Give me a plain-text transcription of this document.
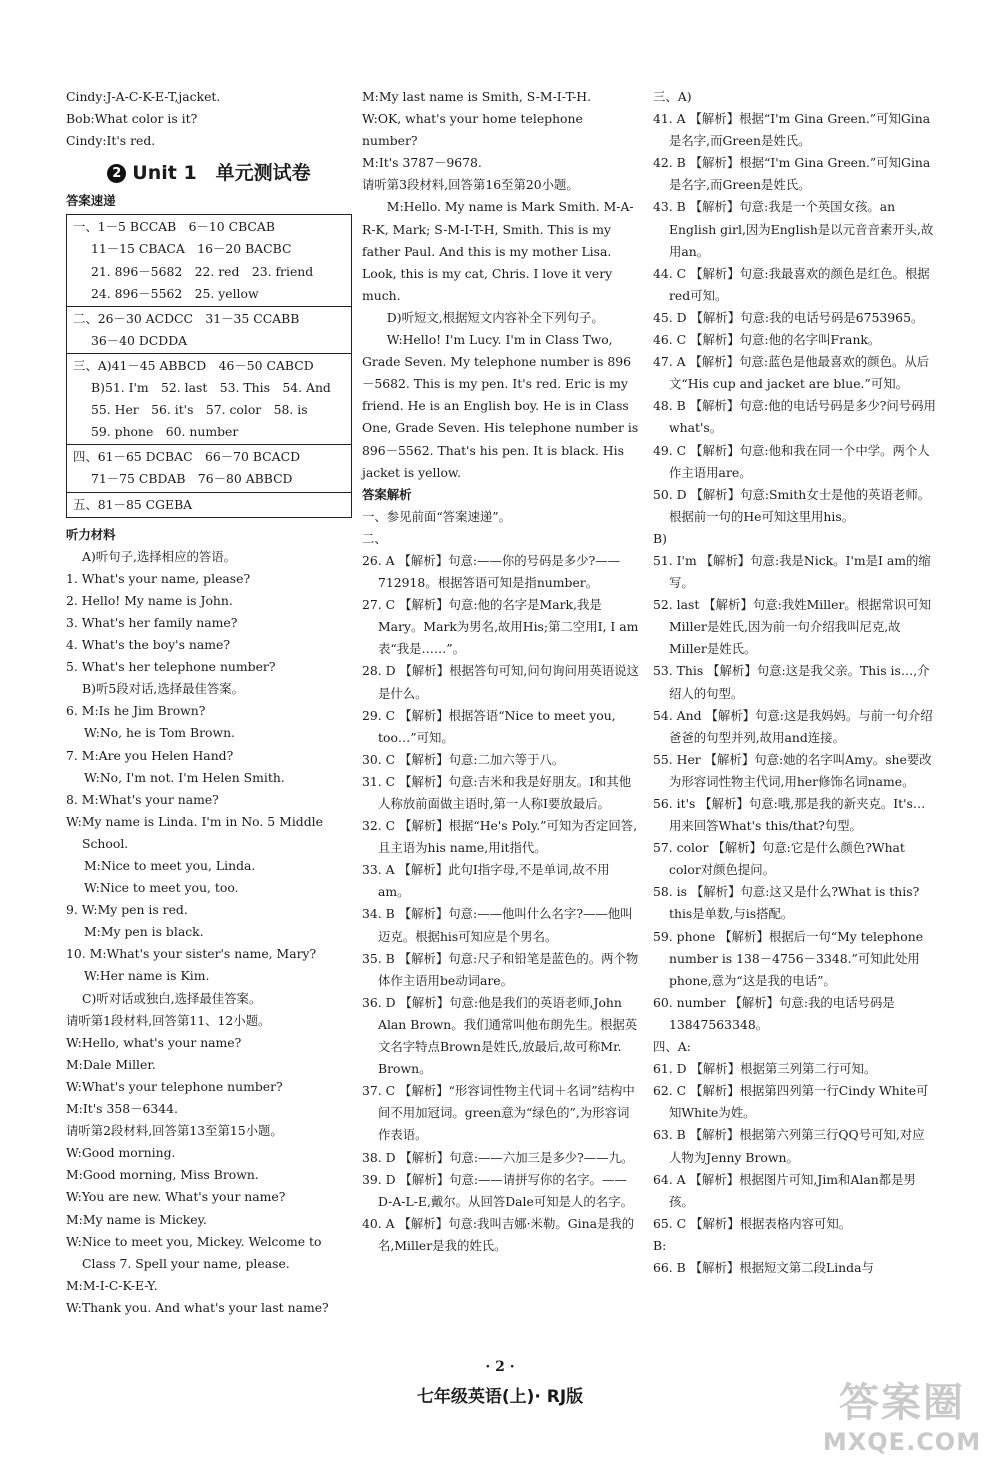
Cindy:J-A-C-K-E-T,jacket.

Bob:What color is it?

Cindy:It's red.

2 Unit 1　单元测试卷

答案速递

一、1－5 BCCAB　6－10 CBCAB

11－15 CBACA　16－20 BACBC

21. 896－5682　22. red　23. friend

24. 896－5562　25. yellow

二、26－30 ACDCC　31－35 CCABB

36－40 DCDDA

三、A)41－45 ABBCD　46－50 CABCD

B)51. I'm　52. last　53. This　54. And

55. Her　56. it's　57. color　58. is

59. phone　60. number

四、61－65 DCBAC　66－70 BCACD

71－75 CBDAB　76－80 ABBCD

五、81－85 CGEBA

听力材料

A)听句子,选择相应的答语。

1. What's your name, please?

2. Hello! My name is John.

3. What's her family name?

4. What's the boy's name?

5. What's her telephone number?

B)听5段对话,选择最佳答案。

6. M:Is he Jim Brown?

W:No, he is Tom Brown.

7. M:Are you Helen Hand?

W:No, I'm not. I'm Helen Smith.

8. M:What's your name?

W:My name is Linda. I'm in No. 5 Middle School.

M:Nice to meet you, Linda.

W:Nice to meet you, too.

9. W:My pen is red.

M:My pen is black.

10. M:What's your sister's name, Mary?

W:Her name is Kim.

C)听对话或独白,选择最佳答案。

请听第1段材料,回答第11、12小题。

W:Hello, what's your name?

M:Dale Miller.

W:What's your telephone number?

M:It's 358－6344.

请听第2段材料,回答第13至第15小题。

W:Good morning.

M:Good morning, Miss Brown.

W:You are new. What's your name?

M:My name is Mickey.

W:Nice to meet you, Mickey. Welcome to Class 7. Spell your name, please.

M:M-I-C-K-E-Y.

W:Thank you. And what's your last name?

M:My last name is Smith, S-M-I-T-H.

W:OK, what's your home telephone number?

M:It's 3787－9678.

请听第3段材料,回答第16至第20小题。

M:Hello. My name is Mark Smith. M-A-R-K, Mark; S-M-I-T-H, Smith. This is my father Paul. And this is my mother Lisa. Look, this is my cat, Chris. I love it very much.

D)听短文,根据短文内容补全下列句子。

W:Hello! I'm Lucy. I'm in Class Two, Grade Seven. My telephone number is 896－5682. This is my pen. It's red. Eric is my friend. He is an English boy. He is in Class One, Grade Seven. His telephone number is 896－5562. That's his pen. It is black. His jacket is yellow.

答案解析

一、参见前面“答案速递”。

二、

26. A 【解析】句意:——你的号码是多少?——712918。根据答语可知是指number。

27. C 【解析】句意:他的名字是Mark,我是Mary。Mark为男名,故用His;第二空用I, I am表“我是……”。

28. D 【解析】根据答句可知,问句询问用英语说这是什么。

29. C 【解析】根据答语“Nice to meet you, too…”可知。

30. C 【解析】句意:二加六等于八。

31. C 【解析】句意:吉米和我是好朋友。I和其他人称放前面做主语时,第一人称I要放最后。

32. C 【解析】根据“He's Poly.”可知为否定回答,且主语为his name,用it指代。

33. A 【解析】此句I指字母,不是单词,故不用am。

34. B 【解析】句意:——他叫什么名字?——他叫迈克。根据his可知应是个男名。

35. B 【解析】句意:尺子和铅笔是蓝色的。两个物体作主语用be动词are。

36. D 【解析】句意:他是我们的英语老师,John Alan Brown。我们通常叫他布朗先生。根据英文名字特点Brown是姓氏,放最后,故可称Mr. Brown。

37. C 【解析】“形容词性物主代词＋名词”结构中间不用加冠词。green意为“绿色的”,为形容词作表语。

38. D 【解析】句意:——六加三是多少?——九。

39. D 【解析】句意:——请拼写你的名字。——D-A-L-E,戴尔。从回答Dale可知是人的名字。

40. A 【解析】句意:我叫吉娜·米勒。Gina是我的名,Miller是我的姓氏。

三、A)

41. A 【解析】根据“I'm Gina Green.”可知Gina是名字,而Green是姓氏。

42. B 【解析】根据“I'm Gina Green.”可知Gina是名字,而Green是姓氏。

43. B 【解析】句意:我是一个英国女孩。an English girl,因为English是以元音音素开头,故用an。

44. C 【解析】句意:我最喜欢的颜色是红色。根据red可知。

45. D 【解析】句意:我的电话号码是6753965。

46. C 【解析】句意:他的名字叫Frank。

47. A 【解析】句意:蓝色是他最喜欢的颜色。从后文“His cup and jacket are blue.”可知。

48. B 【解析】句意:他的电话号码是多少?问号码用what's。

49. C 【解析】句意:他和我在同一个中学。两个人作主语用are。

50. D 【解析】句意:Smith女士是他的英语老师。根据前一句的He可知这里用his。

B)

51. I'm 【解析】句意:我是Nick。I'm是I am的缩写。

52. last 【解析】句意:我姓Miller。根据常识可知Miller是姓氏,因为前一句介绍我叫尼克,故Miller是姓氏。

53. This 【解析】句意:这是我父亲。This is…,介绍人的句型。

54. And 【解析】句意:这是我妈妈。与前一句介绍爸爸的句型并列,故用and连接。

55. Her 【解析】句意:她的名字叫Amy。she要改为形容词性物主代词,用her修饰名词name。

56. it's 【解析】句意:哦,那是我的新夹克。It's…用来回答What's this/that?句型。

57. color 【解析】句意:它是什么颜色?What color对颜色提问。

58. is 【解析】句意:这又是什么?What is this?this是单数,与is搭配。

59. phone 【解析】根据后一句“My telephone number is 138－4756－3348.”可知此处用phone,意为“这是我的电话”。

60. number 【解析】句意:我的电话号码是13847563348。

四、A:

61. D 【解析】根据第三列第二行可知。

62. C 【解析】根据第四列第一行Cindy White可知White为姓。

63. B 【解析】根据第六列第三行QQ号可知,对应人物为Jenny Brown。

64. A 【解析】根据图片可知,Jim和Alan都是男孩。

65. C 【解析】根据表格内容可知。

B:

66. B 【解析】根据短文第二段Linda与

· 2 ·
七年级英语(上)· RJ版	答案圈
MXQE.COM
